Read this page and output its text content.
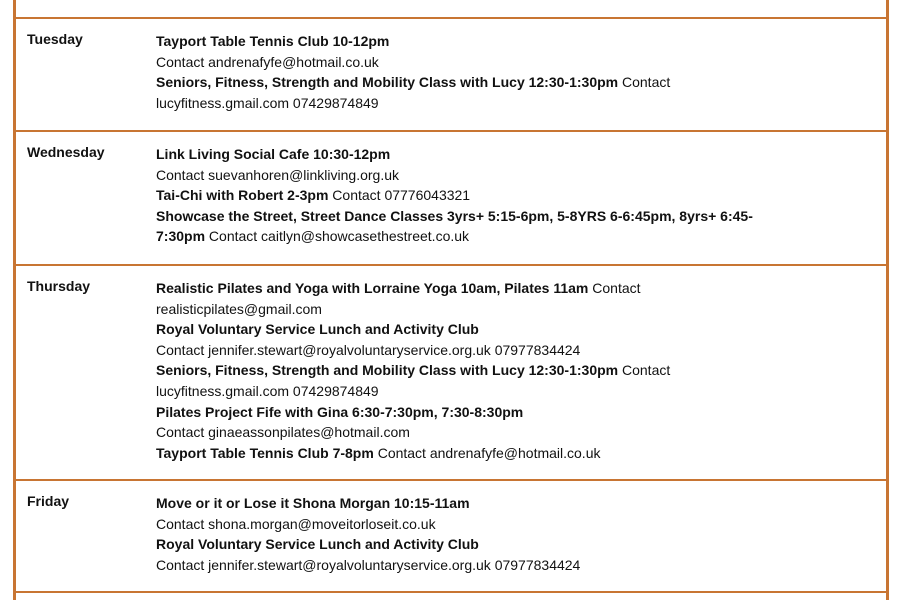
Tuesday	Tayport Table Tennis Club 10-12pm
Contact andrenafyfe@hotmail.co.uk
Seniors, Fitness, Strength and Mobility Class with Lucy 12:30-1:30pm Contact
lucyfitness.gmail.com 07429874849
Wednesday	Link Living Social Cafe 10:30-12pm
Contact suevanhoren@linkliving.org.uk
Tai-Chi with Robert 2-3pm Contact 07776043321
Showcase the Street, Street Dance Classes 3yrs+ 5:15-6pm, 5-8YRS 6-6:45pm, 8yrs+ 6:45-
7:30pm Contact caitlyn@showcasethestreet.co.uk
Thursday	Realistic Pilates and Yoga with Lorraine Yoga 10am, Pilates 11am Contact
realisticpilates@gmail.com
Royal Voluntary Service Lunch and Activity Club
Contact jennifer.stewart@royalvoluntaryservice.org.uk 07977834424
Seniors, Fitness, Strength and Mobility Class with Lucy 12:30-1:30pm Contact
lucyfitness.gmail.com 07429874849
Pilates Project Fife with Gina 6:30-7:30pm, 7:30-8:30pm
Contact ginaeassonpilates@hotmail.com
Tayport Table Tennis Club 7-8pm Contact andrenafyfe@hotmail.co.uk
Friday	Move or it or Lose it Shona Morgan 10:15-11am
Contact shona.morgan@moveitorloseit.co.uk
Royal Voluntary Service Lunch and Activity Club
Contact jennifer.stewart@royalvoluntaryservice.org.uk 07977834424
